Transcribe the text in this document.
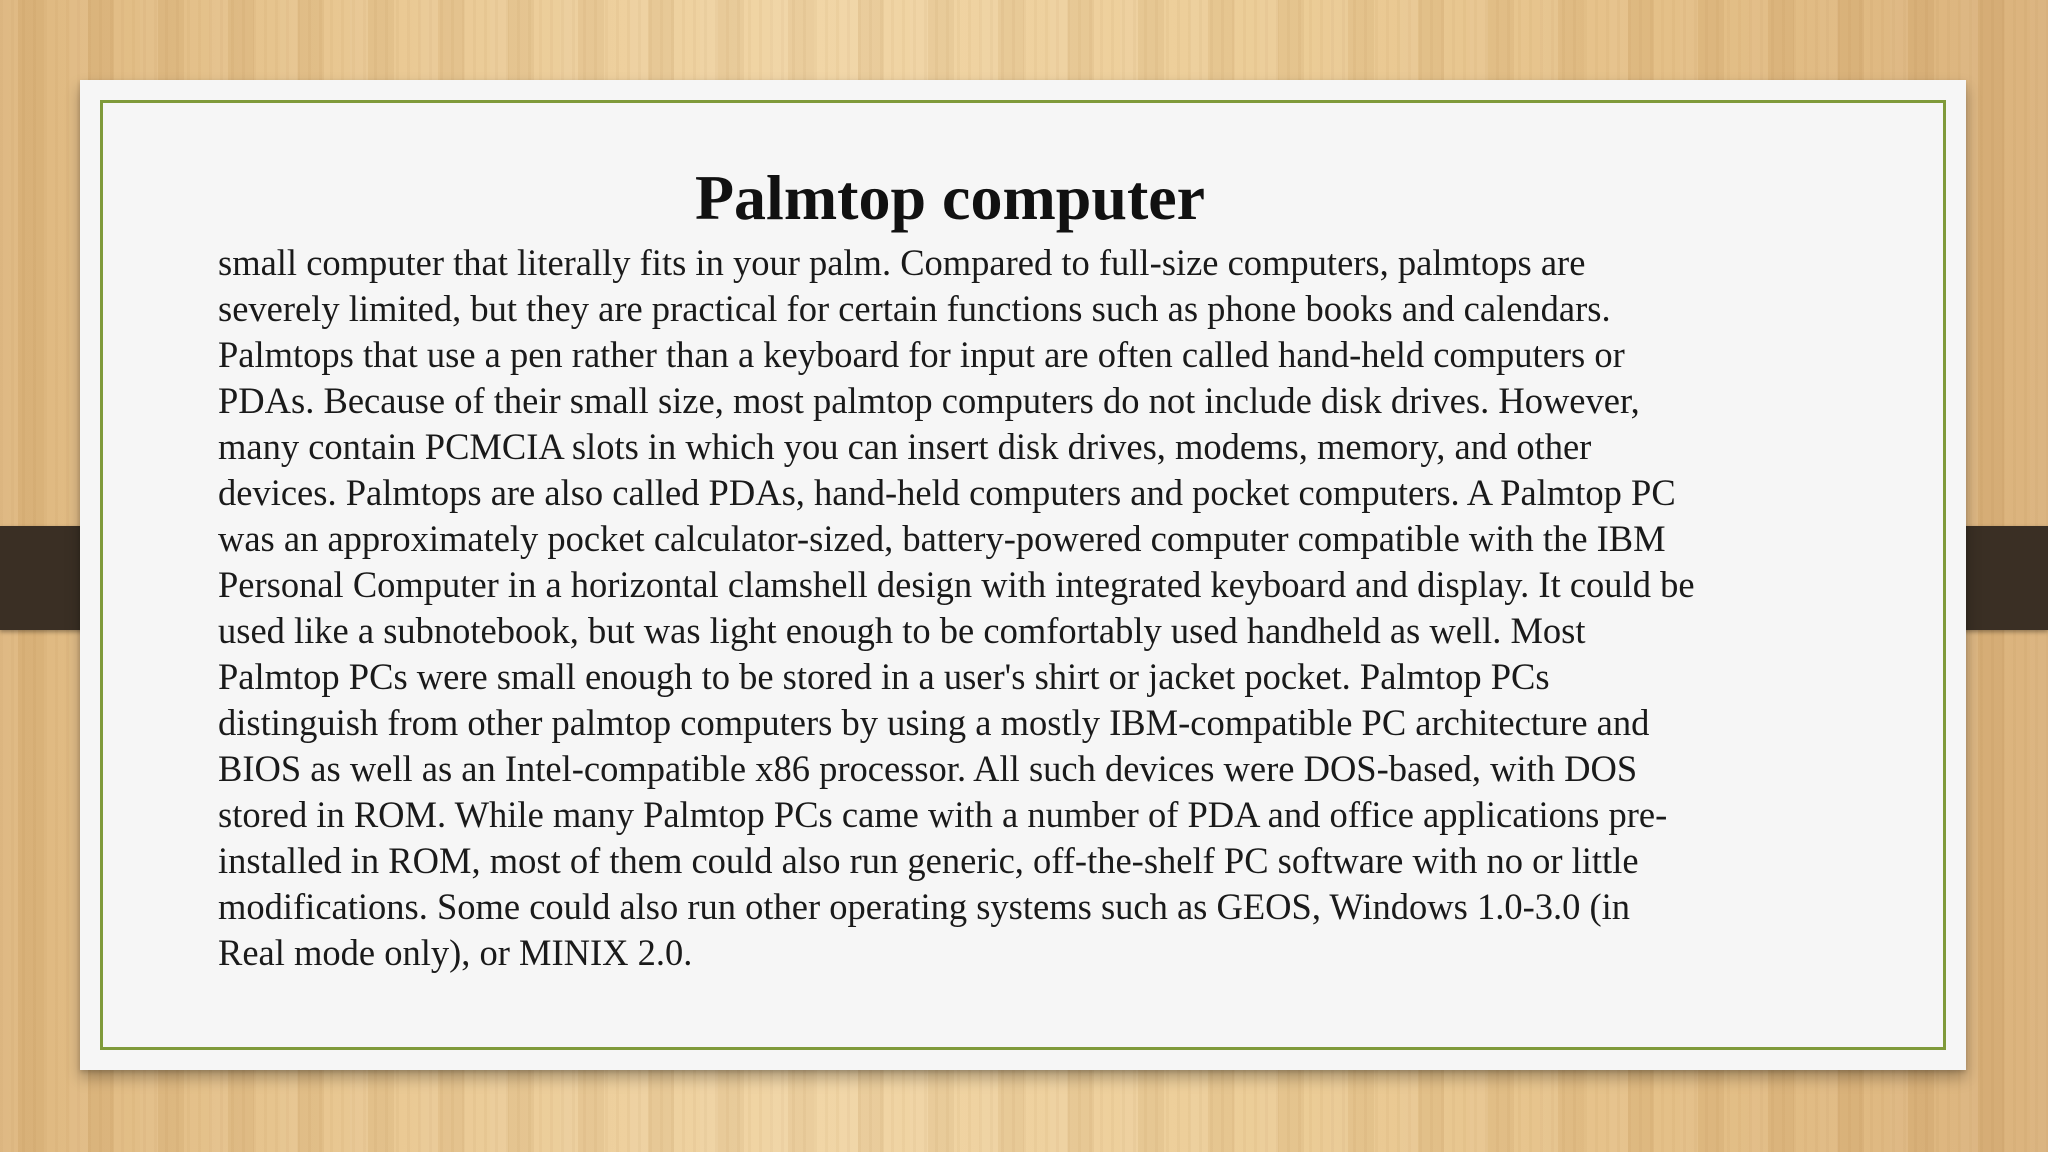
Palmtop computer
small computer that literally fits in your palm. Compared to full-size computers, palmtops are
severely limited, but they are practical for certain functions such as phone books and calendars.
Palmtops that use a pen rather than a keyboard for input are often called hand-held computers or
PDAs. Because of their small size, most palmtop computers do not include disk drives. However,
many contain PCMCIA slots in which you can insert disk drives, modems, memory, and other
devices. Palmtops are also called PDAs, hand-held computers and pocket computers. A Palmtop PC
was an approximately pocket calculator-sized, battery-powered computer compatible with the IBM
Personal Computer in a horizontal clamshell design with integrated keyboard and display. It could be
used like a subnotebook, but was light enough to be comfortably used handheld as well. Most
Palmtop PCs were small enough to be stored in a user's shirt or jacket pocket. Palmtop PCs
distinguish from other palmtop computers by using a mostly IBM-compatible PC architecture and
BIOS as well as an Intel-compatible x86 processor. All such devices were DOS-based, with DOS
stored in ROM. While many Palmtop PCs came with a number of PDA and office applications pre-
installed in ROM, most of them could also run generic, off-the-shelf PC software with no or little
modifications. Some could also run other operating systems such as GEOS, Windows 1.0-3.0 (in
Real mode only), or MINIX 2.0.
